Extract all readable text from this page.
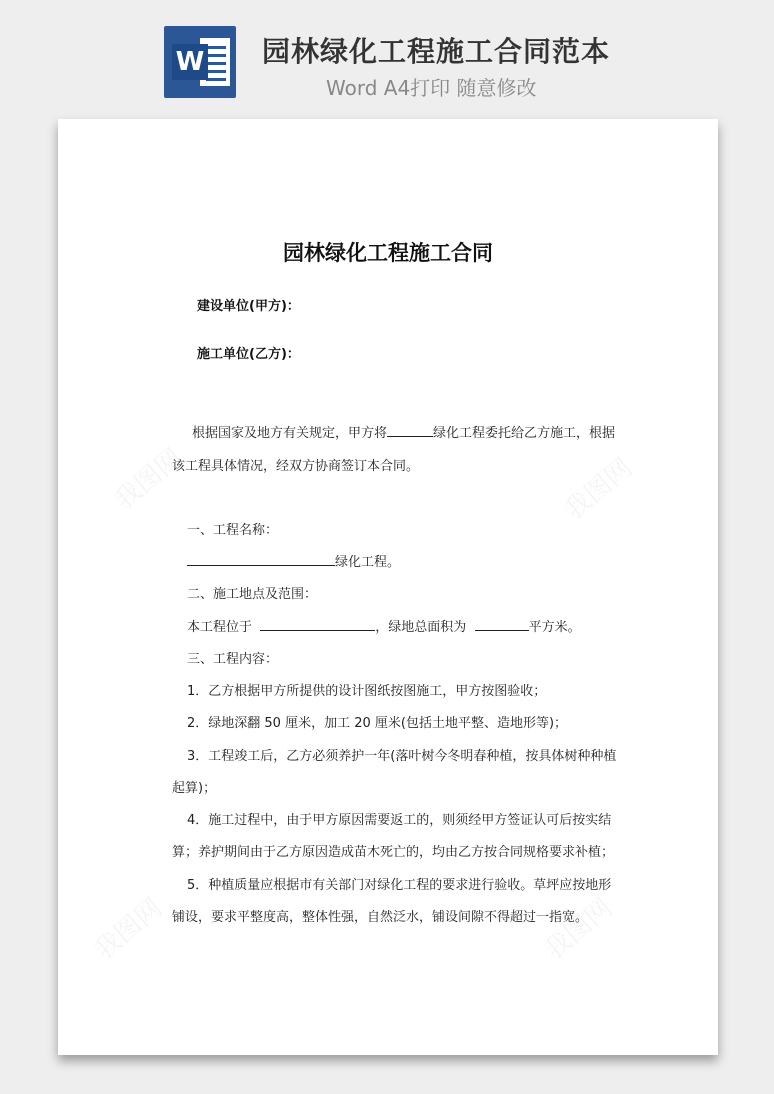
W 园林绿化工程施工合同范本
Word A4打印 随意修改
园林绿化工程施工合同
建设单位(甲方)：
施工单位(乙方)：
根据国家及地方有关规定，甲方将	绿化工程委托给乙方施工，根据
该工程具体情况，经双方协商签订本合同。
一、工程名称：
绿化工程。
二、施工地点及范围：
本工程位于	，绿地总面积为	平方米。
三、工程内容：
1．乙方根据甲方所提供的设计图纸按图施工，甲方按图验收；
2．绿地深翻 50 厘米，加工 20 厘米(包括土地平整、造地形等)；
3．工程竣工后，乙方必须养护一年(落叶树今冬明春种植，按具体树种种植
起算)；
4．施工过程中，由于甲方原因需要返工的，则须经甲方签证认可后按实结
算；养护期间由于乙方原因造成苗木死亡的，均由乙方按合同规格要求补植；
5．种植质量应根据市有关部门对绿化工程的要求进行验收。草坪应按地形
铺设，要求平整度高，整体性强，自然泛水，铺设间隙不得超过一指宽。
